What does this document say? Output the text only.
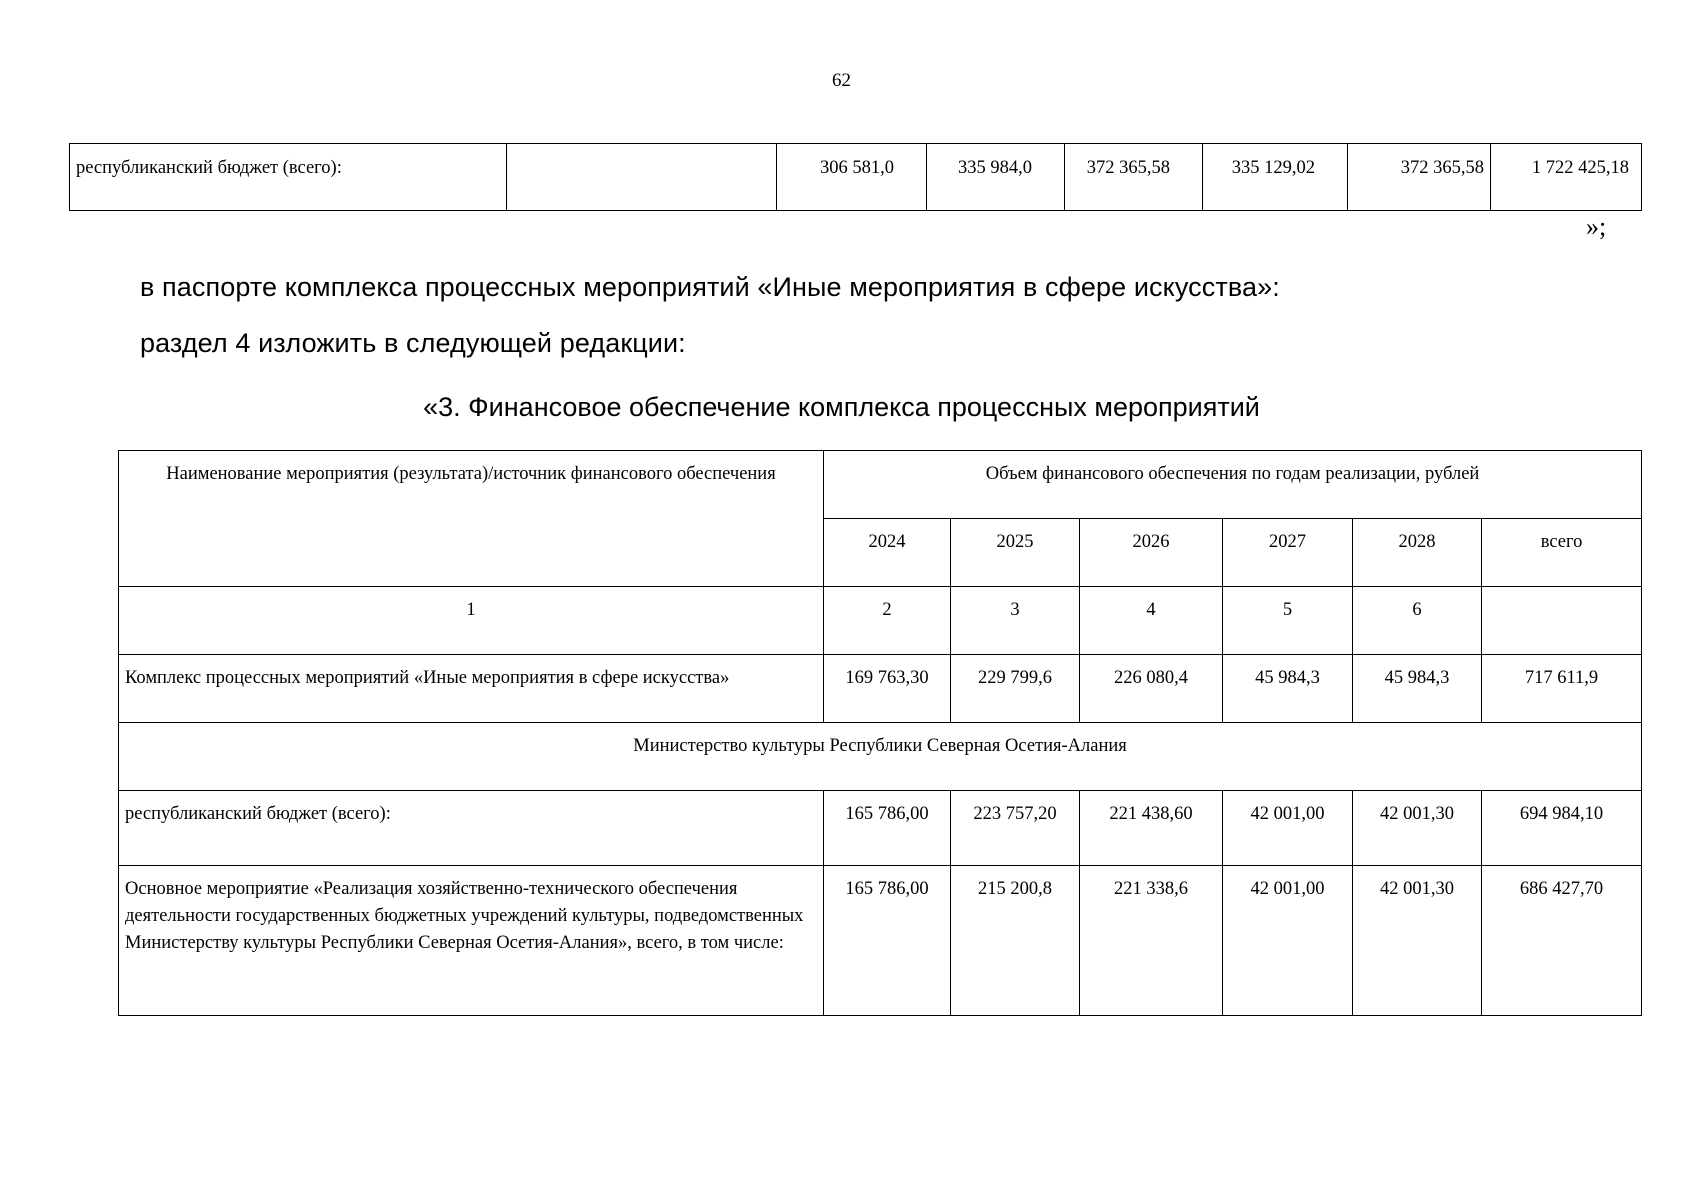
62
республиканский бюджет (всего):		306 581,0	335 984,0	372 365,58	335 129,02	372 365,58	1 722 425,18
»;
в паспорте комплекса процессных мероприятий «Иные мероприятия в сфере искусства»:
раздел 4 изложить в следующей редакции:
«3. Финансовое обеспечение комплекса процессных мероприятий
Наименование мероприятия (результата)/источник финансового обеспечения	Объем финансового обеспечения по годам реализации, рублей					
	2024	2025	2026	2027	2028	всего
1	2	3	4	5	6	
Комплекс процессных мероприятий «Иные мероприятия в сфере искусства»	169 763,30	229 799,6	226 080,4	45 984,3	45 984,3	717 611,9
Министерство культуры Республики Северная Осетия-Алания						
республиканский бюджет (всего):	165 786,00	223 757,20	221 438,60	42 001,00	42 001,30	694 984,10
Основное мероприятие «Реализация хозяйственно-технического обеспечения деятельности государственных бюджетных учреждений культуры, подведомственных Министерству культуры Республики Северная Осетия-Алания», всего, в том числе:	165 786,00	215 200,8	221 338,6	42 001,00	42 001,30	686 427,70
